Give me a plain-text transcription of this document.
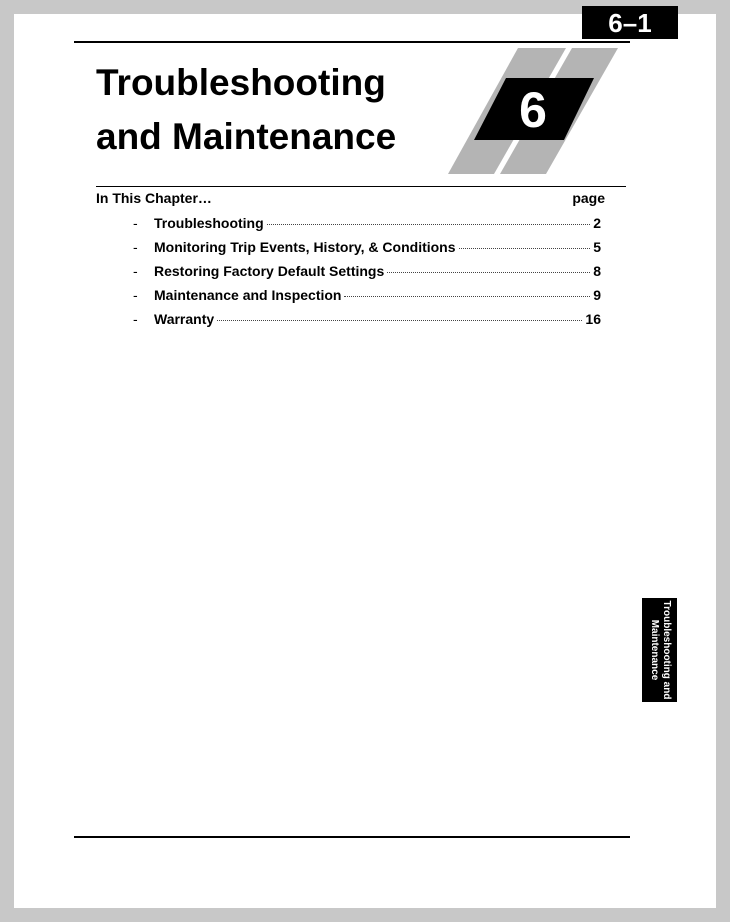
6–1
Troubleshooting
and Maintenance	6
In This Chapter…	page
-	Troubleshooting	2
-	Monitoring Trip Events, History, & Conditions	5
-	Restoring Factory Default Settings	8
-	Maintenance and Inspection	9
-	Warranty	16
Troubleshooting and
Maintenance
